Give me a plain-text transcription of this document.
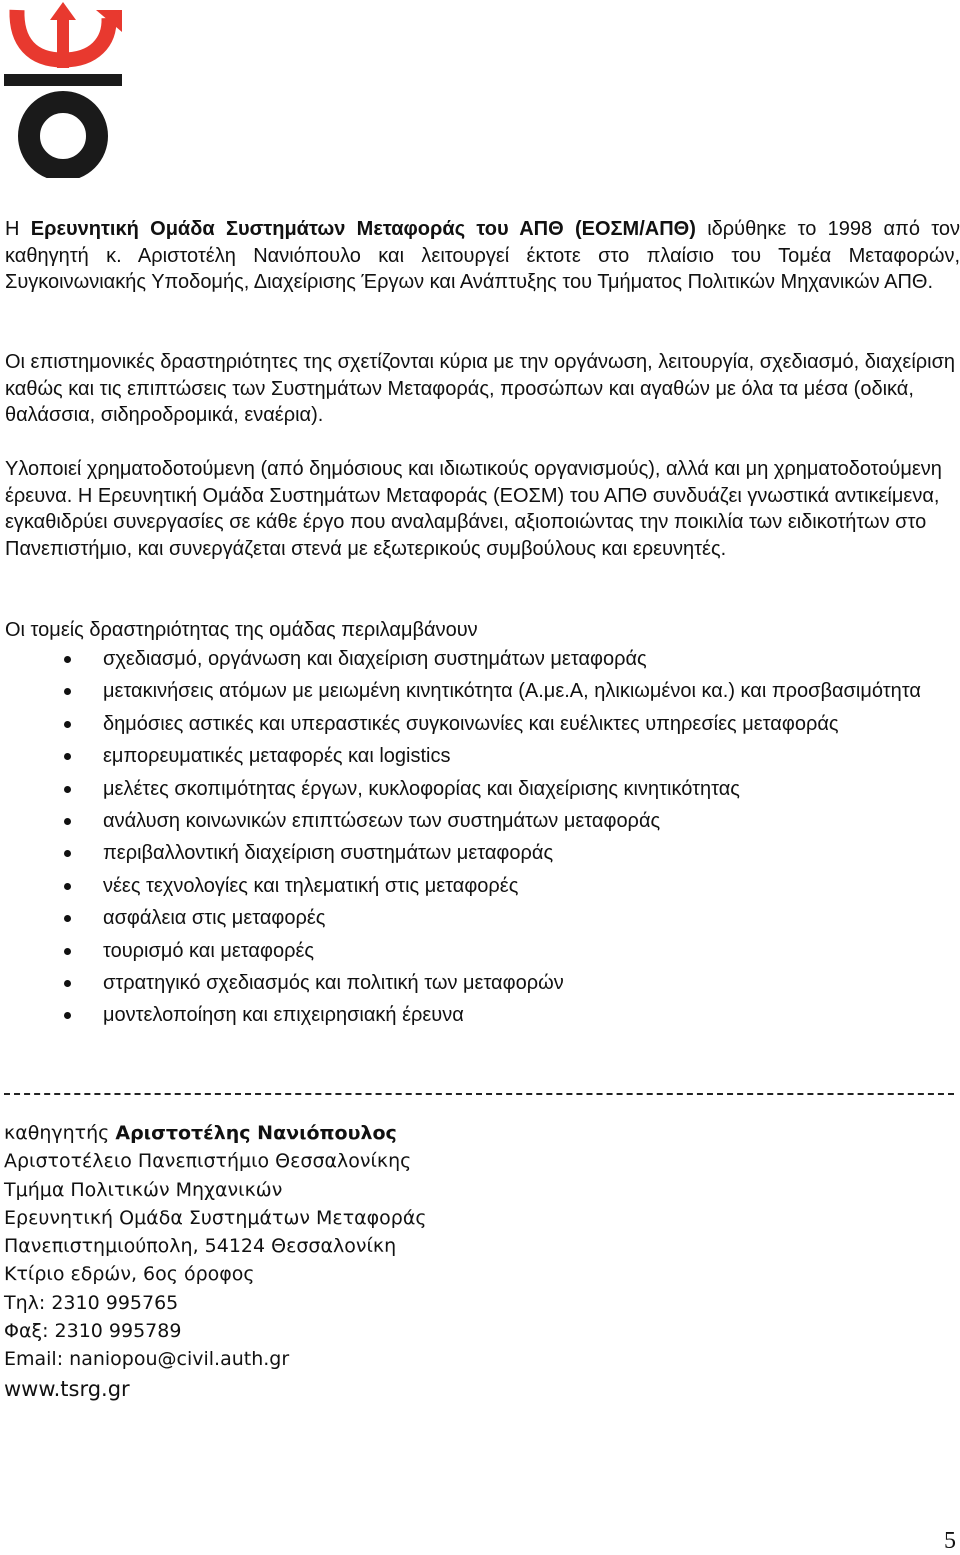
Η Ερευνητική Ομάδα Συστημάτων Μεταφοράς του ΑΠΘ (ΕΟΣΜ/ΑΠΘ) ιδρύθηκε το 1998 από τον καθηγητή κ. Αριστοτέλη Νανιόπουλο και λειτουργεί έκτοτε στο πλαίσιο του Τομέα Μεταφορών, Συγκοινωνιακής Υποδομής, Διαχείρισης Έργων και Ανάπτυξης του Τμήματος Πολιτικών Μηχανικών ΑΠΘ.

Οι επιστημονικές δραστηριότητες της σχετίζονται κύρια με την οργάνωση, λειτουργία, σχεδιασμό, διαχείριση καθώς και τις επιπτώσεις των Συστημάτων Μεταφοράς, προσώπων και αγαθών με όλα τα μέσα (οδικά, θαλάσσια, σιδηροδρομικά, εναέρια).

Υλοποιεί χρηματοδοτούμενη (από δημόσιους και ιδιωτικούς οργανισμούς), αλλά και μη χρηματοδοτούμενη έρευνα. Η Ερευνητική Ομάδα Συστημάτων Μεταφοράς (ΕΟΣΜ) του ΑΠΘ συνδυάζει γνωστικά αντικείμενα, εγκαθιδρύει συνεργασίες σε κάθε έργο που αναλαμβάνει, αξιοποιώντας την ποικιλία των ειδικοτήτων στο Πανεπιστήμιο, και συνεργάζεται στενά με εξωτερικούς συμβούλους και ερευνητές.

Οι τομείς δραστηριότητας της ομάδας περιλαμβάνουν

σχεδιασμό, οργάνωση και διαχείριση συστημάτων μεταφοράς
μετακινήσεις ατόμων με μειωμένη κινητικότητα (Α.με.Α, ηλικιωμένοι κα.) και προσβασιμότητα
δημόσιες αστικές και υπεραστικές συγκοινωνίες και ευέλικτες υπηρεσίες μεταφοράς
εμπορευματικές μεταφορές και logistics
μελέτες σκοπιμότητας έργων, κυκλοφορίας και διαχείρισης κινητικότητας
ανάλυση κοινωνικών επιπτώσεων των συστημάτων μεταφοράς
περιβαλλοντική διαχείριση συστημάτων μεταφοράς
νέες τεχνολογίες και τηλεματική στις μεταφορές
ασφάλεια στις μεταφορές
τουρισμό και μεταφορές
στρατηγικό σχεδιασμός και πολιτική των μεταφορών
μοντελοποίηση και επιχειρησιακή έρευνα
καθηγητής Αριστοτέλης Νανιόπουλος
Αριστοτέλειο Πανεπιστήμιο Θεσσαλονίκης
Τμήμα Πολιτικών Μηχανικών
Ερευνητική Ομάδα Συστημάτων Μεταφοράς
Πανεπιστημιούπολη, 54124 Θεσσαλονίκη
Κτίριο εδρών, 6ος όροφος
Τηλ: 2310 995765
Φαξ: 2310 995789
Email: naniopou@civil.auth.gr
www.tsrg.gr
5
